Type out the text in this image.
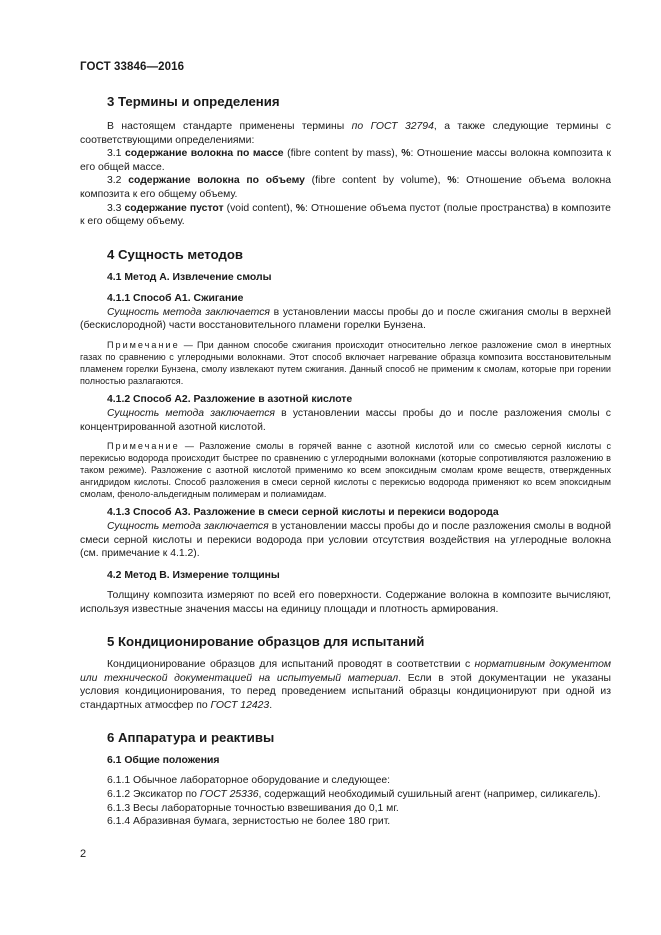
ГОСТ 33846—2016
3 Термины и определения

В настоящем стандарте применены термины по ГОСТ 32794, а также следующие термины с соответствующими определениями:

3.1 содержание волокна по массе (fibre content by mass), %: Отношение массы волокна композита к его общей массе.

3.2 содержание волокна по объему (fibre content by volume), %: Отношение объема волокна композита к его общему объему.

3.3 содержание пустот (void content), %: Отношение объема пустот (полые пространства) в композите к его общему объему.

4 Сущность методов
4.1 Метод А. Извлечение смолы
4.1.1 Способ А1. Сжигание

Сущность метода заключается в установлении массы пробы до и после сжигания смолы в верхней (бескислородной) части восстановительного пламени горелки Бунзена.

Примечание — При данном способе сжигания происходит относительно легкое разложение смол в инертных газах по сравнению с углеродными волокнами. Этот способ включает нагревание образца композита восстановительным пламенем горелки Бунзена, смолу извлекают путем сжигания. Данный способ не применим к смолам, которые при горении полностью разлагаются.

4.1.2 Способ А2. Разложение в азотной кислоте

Сущность метода заключается в установлении массы пробы до и после разложения смолы с концентрированной азотной кислотой.

Примечание — Разложение смолы в горячей ванне с азотной кислотой или со смесью серной кислоты с перекисью водорода происходит быстрее по сравнению с углеродными волокнами (которые сопротивляются разложению в таком режиме). Разложение с азотной кислотой применимо ко всем эпоксидным смолам кроме веществ, отвержденных ангидридом кислоты. Способ разложения в смеси серной кислоты с перекисью водорода применяют ко всем эпоксидным смолам, феноло-альдегидным полимерам и полиамидам.

4.1.3 Способ А3. Разложение в смеси серной кислоты и перекиси водорода

Сущность метода заключается в установлении массы пробы до и после разложения смолы в водной смеси серной кислоты и перекиси водорода при условии отсутствия воздействия на углеродные волокна (см. примечание к 4.1.2).

4.2 Метод В. Измерение толщины

Толщину композита измеряют по всей его поверхности. Содержание волокна в композите вычисляют, используя известные значения массы на единицу площади и плотность армирования.

5 Кондиционирование образцов для испытаний

Кондиционирование образцов для испытаний проводят в соответствии с нормативным документом или технической документацией на испытуемый материал. Если в этой документации не указаны условия кондиционирования, то перед проведением испытаний образцы кондиционируют при одной из стандартных атмосфер по ГОСТ 12423.

6 Аппаратура и реактивы
6.1 Общие положения

6.1.1 Обычное лабораторное оборудование и следующее:

6.1.2 Эксикатор по ГОСТ 25336, содержащий необходимый сушильный агент (например, силикагель).

6.1.3 Весы лабораторные точностью взвешивания до 0,1 мг.

6.1.4 Абразивная бумага, зернистостью не более 180 грит.

2
